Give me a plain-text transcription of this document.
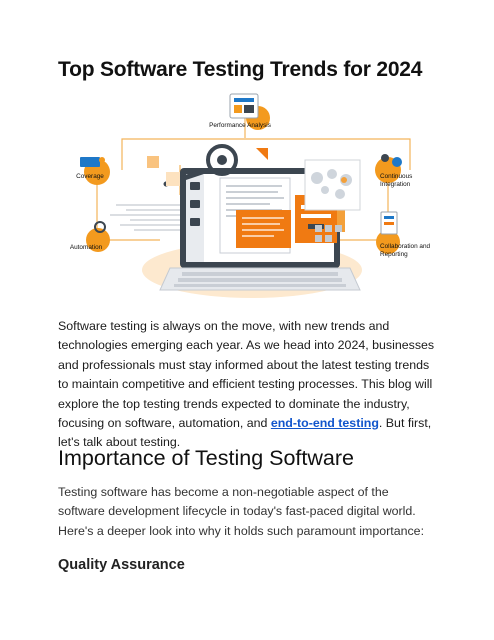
Top Software Testing Trends for 2024
Performance Analysis
Coverage	Continuous
Integration
Automation	Collaboration and
Reporting

Software testing is always on the move, with new trends and technologies emerging each year. As we head into 2024, businesses and professionals must stay informed about the latest testing trends to maintain competitive and efficient testing processes. This blog will explore the top testing trends expected to dominate the industry, focusing on software, automation, and end-to-end testing. But first, let's talk about testing.

Importance of Testing Software

Testing software has become a non-negotiable aspect of the software development lifecycle in today's fast-paced digital world. Here's a deeper look into why it holds such paramount importance:

Quality Assurance
